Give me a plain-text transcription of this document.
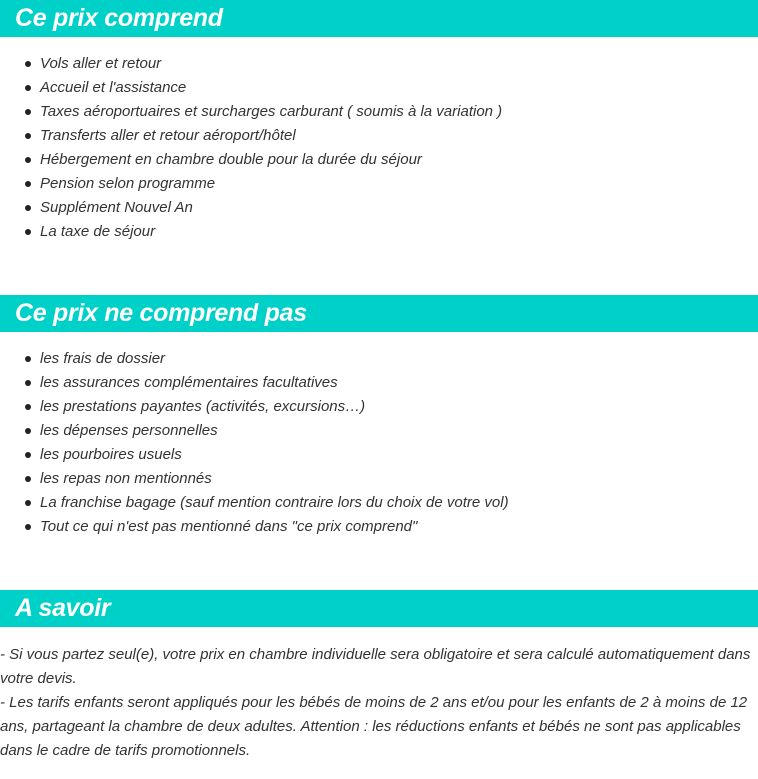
Ce prix comprend
Vols aller et retour
Accueil et l'assistance
Taxes aéroportuaires et surcharges carburant ( soumis à la variation )
Transferts aller et retour aéroport/hôtel
Hébergement en chambre double pour la durée du séjour
Pension selon programme
Supplément Nouvel An
La taxe de séjour
Ce prix ne comprend pas
les frais de dossier
les assurances complémentaires facultatives
les prestations payantes (activités, excursions…)
les dépenses personnelles
les pourboires usuels
les repas non mentionnés
La franchise bagage (sauf mention contraire lors du choix de votre vol)
Tout ce qui n'est pas mentionné dans "ce prix comprend"
A savoir
- Si vous partez seul(e), votre prix en chambre individuelle sera obligatoire et sera calculé automatiquement dans votre devis.
- Les tarifs enfants seront appliqués pour les bébés de moins de 2 ans et/ou pour les enfants de 2 à moins de 12 ans, partageant la chambre de deux adultes. Attention : les réductions enfants et bébés ne sont pas applicables dans le cadre de tarifs promotionnels.
